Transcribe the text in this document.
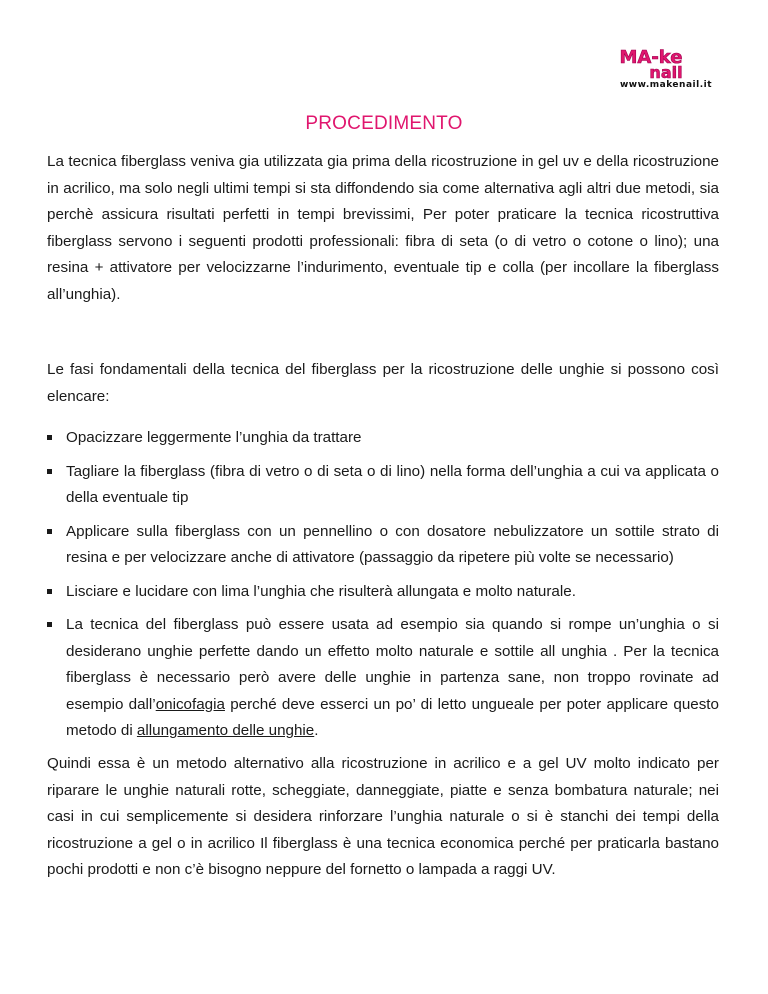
MA-ke
nail
www.makenail.it
PROCEDIMENTO

La tecnica fiberglass veniva gia utilizzata gia prima della ricostruzione in gel uv e della ricostruzione in acrilico, ma solo negli ultimi tempi si sta diffondendo sia come alternativa agli altri due metodi, sia perchè assicura risultati perfetti in tempi brevissimi, Per poter praticare la tecnica ricostruttiva fiberglass servono i seguenti prodotti professionali: fibra di seta (o di vetro o cotone o lino); una resina + attivatore per velocizzarne l’indurimento, eventuale tip e colla (per incollare la fiberglass all’unghia).

Le fasi fondamentali della tecnica del fiberglass per la ricostruzione delle unghie si possono così elencare:

Opacizzare leggermente l’unghia da trattare
Tagliare la fiberglass (fibra di vetro o di seta o di lino) nella forma dell’unghia a cui va applicata o della eventuale tip
Applicare sulla fiberglass con un pennellino o con dosatore nebulizzatore un sottile strato di resina e per velocizzare anche di attivatore (passaggio da ripetere più volte se necessario)
Lisciare e lucidare con lima l’unghia che risulterà allungata e molto naturale.
La tecnica del fiberglass può essere usata ad esempio sia quando si rompe un’unghia o si desiderano unghie perfette dando un effetto molto naturale e sottile all unghia . Per la tecnica fiberglass è necessario però avere delle unghie in partenza sane, non troppo rovinate ad esempio dall’onicofagia perché deve esserci un po’ di letto ungueale per poter applicare questo metodo di allungamento delle unghie.

Quindi essa è un metodo alternativo alla ricostruzione in acrilico e a gel UV molto indicato per riparare le unghie naturali rotte, scheggiate, danneggiate, piatte e senza bombatura naturale; nei casi in cui semplicemente si desidera rinforzare l’unghia naturale o si è stanchi dei tempi della ricostruzione a gel o in acrilico Il fiberglass è una tecnica economica perché per praticarla bastano pochi prodotti e non c’è bisogno neppure del fornetto o lampada a raggi UV.
